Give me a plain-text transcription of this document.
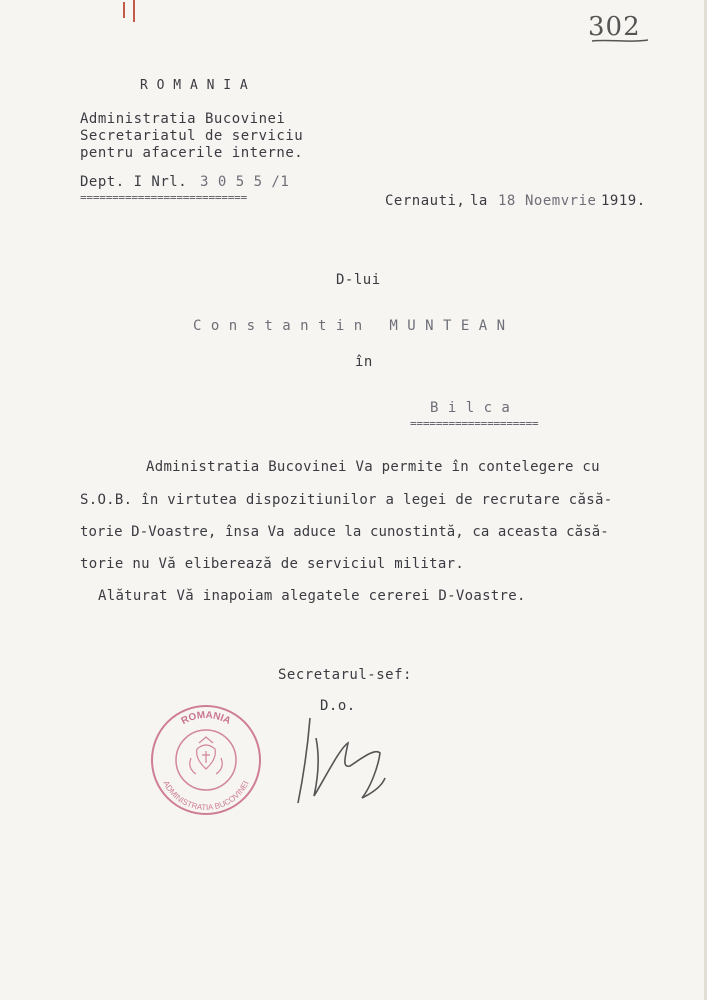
302
R O M A N I A
Administratia Bucovinei
Secretariatul de serviciu
pentru afacerile interne.
Dept. I Nrl. 3 0 5 5 /1
==========================	Cernauti, la 18 Noemvrie 1919.
D-lui
C o n s t a n t i n   M U N T E A N
în
B i l c a
====================
Administratia Bucovinei Va permite în contelegere cu
S.O.B. în virtutea dispozitiunilor a legei de recrutare căsă-
torie D-Voastre, însa Va aduce la cunostintă, ca aceasta căsă-
torie nu Vă eliberează de serviciul militar.
Alăturat Vă inapoiam alegatele cererei D-Voastre.
Secretarul-sef:
D.o.
ROMANIA
ADMINISTRATIA BUCOVINEI
